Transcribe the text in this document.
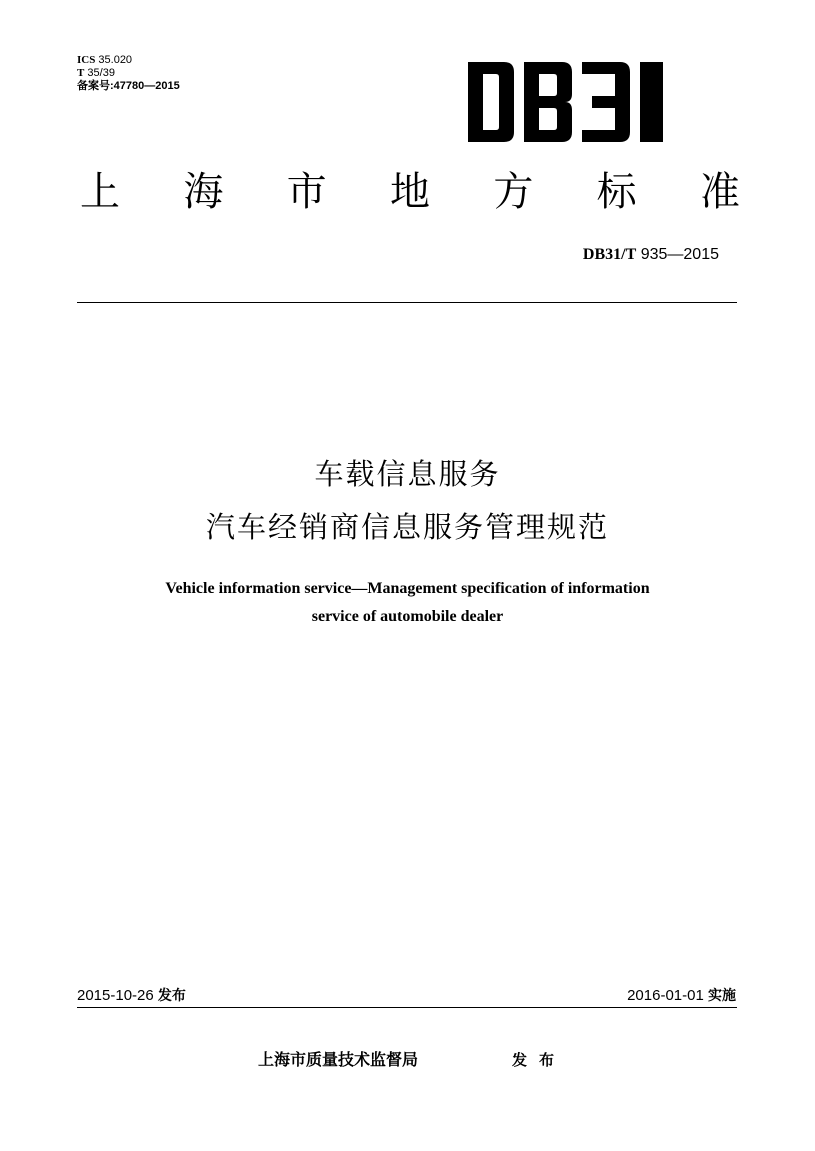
ICS 35.020
T 35/39
备案号:47780—2015
上 海 市 地 方 标 准
DB31/T 935—2015
车载信息服务
汽车经销商信息服务管理规范
Vehicle information service—Management specification of information
service of automobile dealer
2015-10-26 发布	2016-01-01 实施
上海市质量技术监督局	发布
